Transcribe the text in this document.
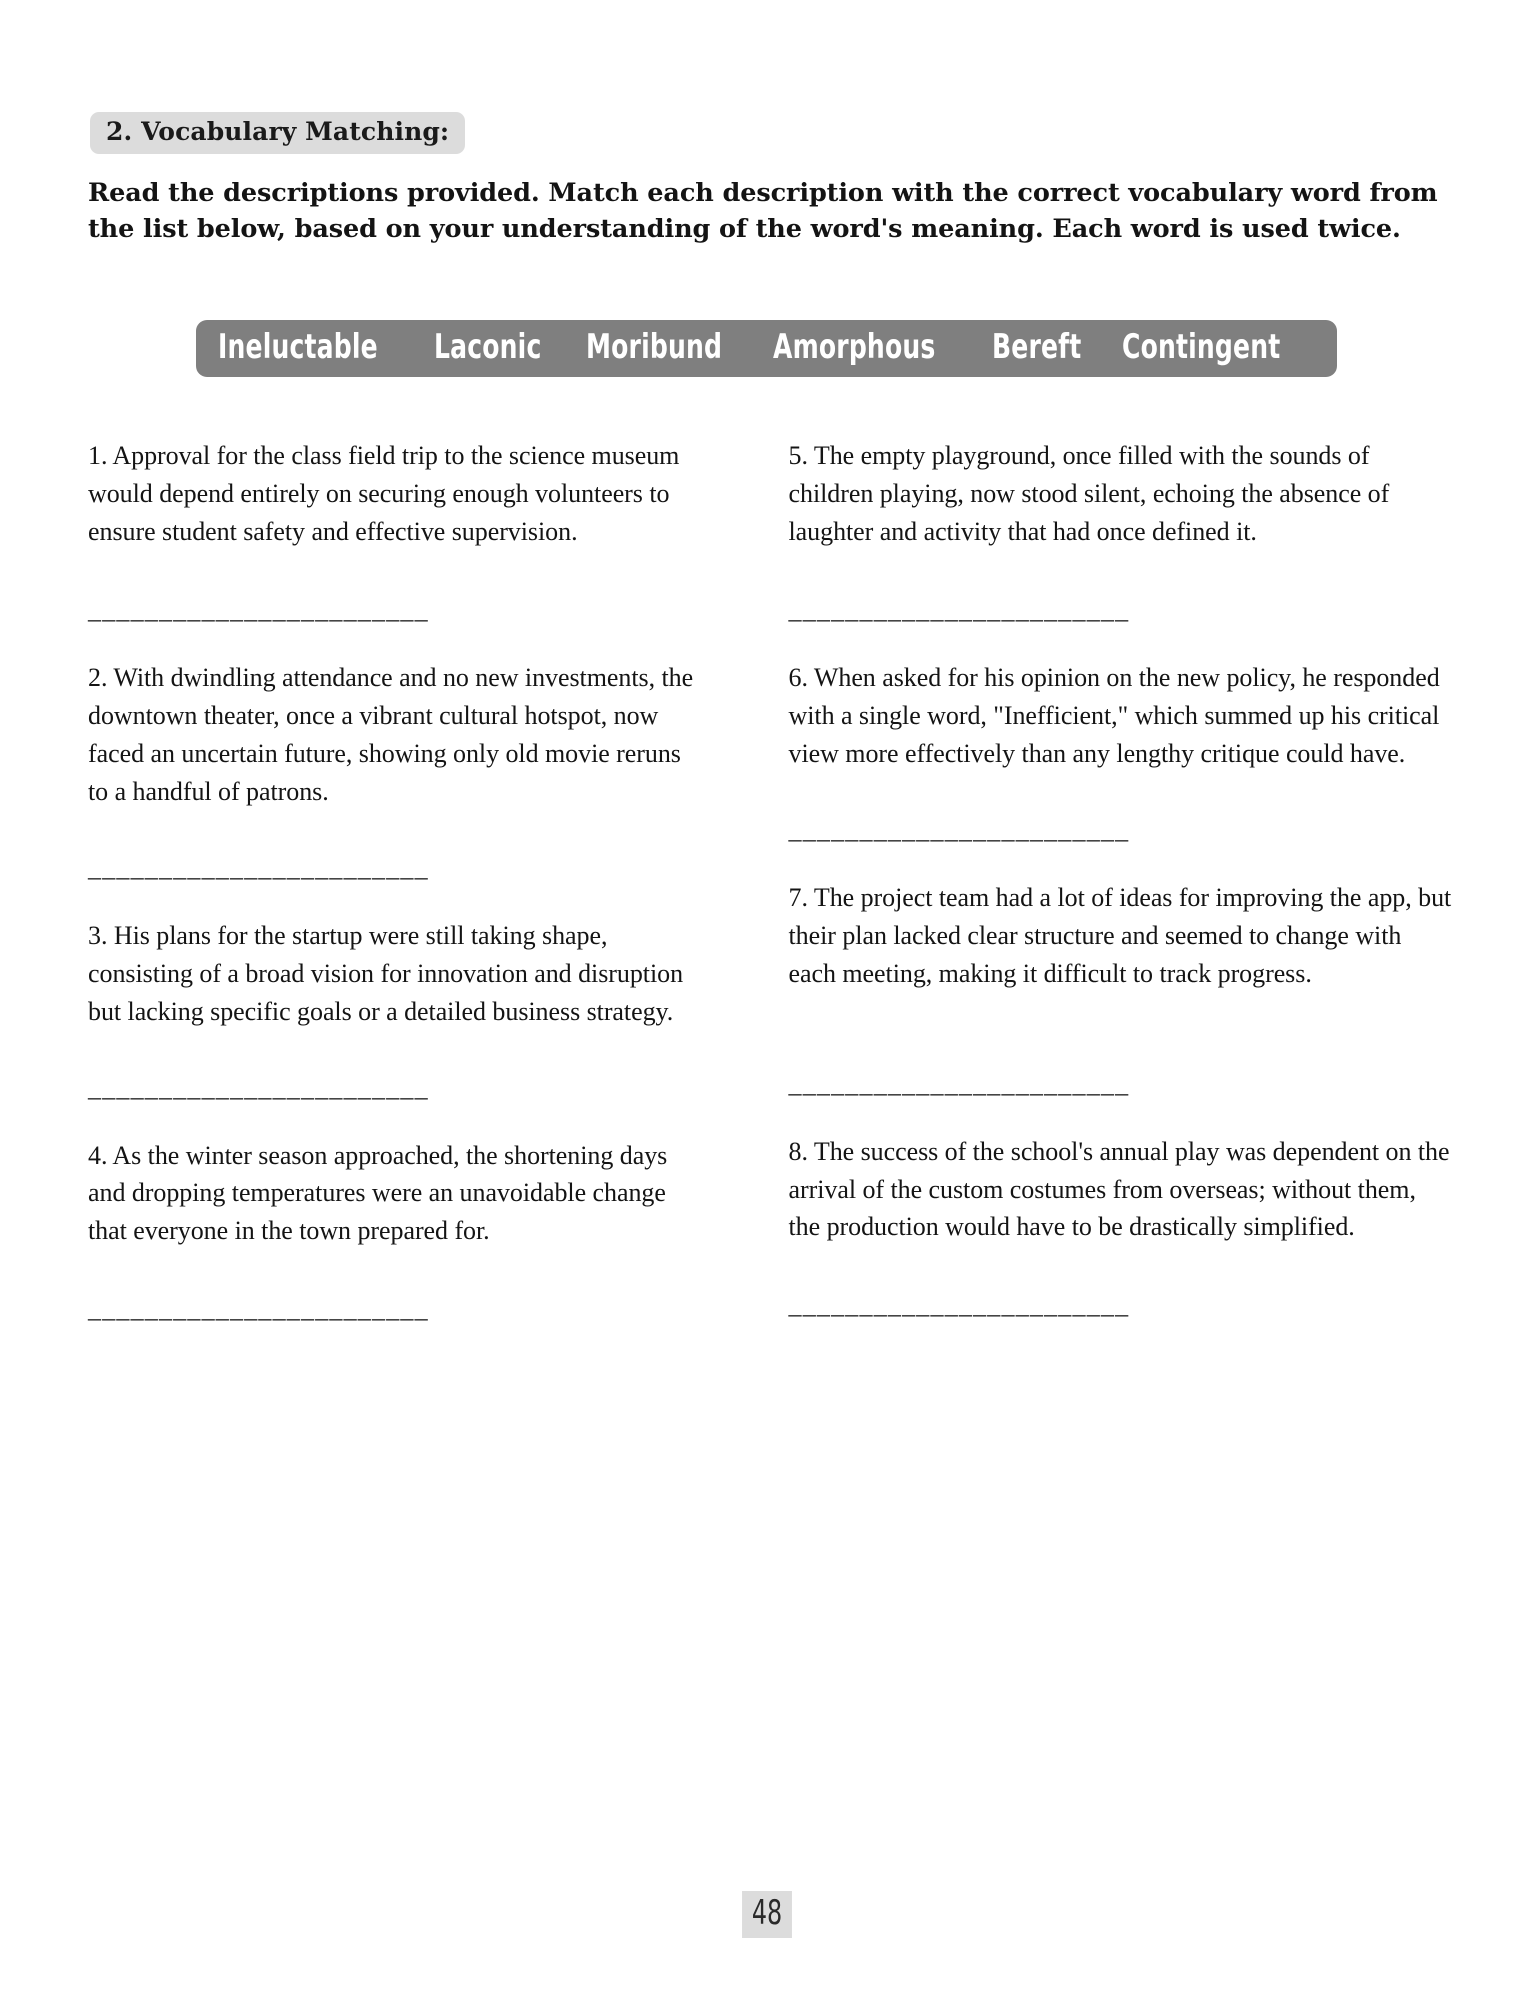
2. Vocabulary Matching:
Read the descriptions provided. Match each description with the correct vocabulary word from the list below, based on your understanding of the word's meaning. Each word is used twice.
Ineluctable Laconic Moribund Amorphous Bereft Contingent
1. Approval for the class field trip to the science museum would depend entirely on securing enough volunteers to ensure student safety and effective supervision.
________________________
2. With dwindling attendance and no new investments, the downtown theater, once a vibrant cultural hotspot, now faced an uncertain future, showing only old movie reruns to a handful of patrons.
________________________
3. His plans for the startup were still taking shape, consisting of a broad vision for innovation and disruption but lacking specific goals or a detailed business strategy.
________________________
4. As the winter season approached, the shortening days and dropping temperatures were an unavoidable change that everyone in the town prepared for.
________________________
5. The empty playground, once filled with the sounds of children playing, now stood silent, echoing the absence of laughter and activity that had once defined it.
________________________
6. When asked for his opinion on the new policy, he responded with a single word, "Inefficient," which summed up his critical view more effectively than any lengthy critique could have.
________________________
7. The project team had a lot of ideas for improving the app, but their plan lacked clear structure and seemed to change with each meeting, making it difficult to track progress.
________________________
8. The success of the school's annual play was dependent on the arrival of the custom costumes from overseas; without them, the production would have to be drastically simplified.
________________________
48
